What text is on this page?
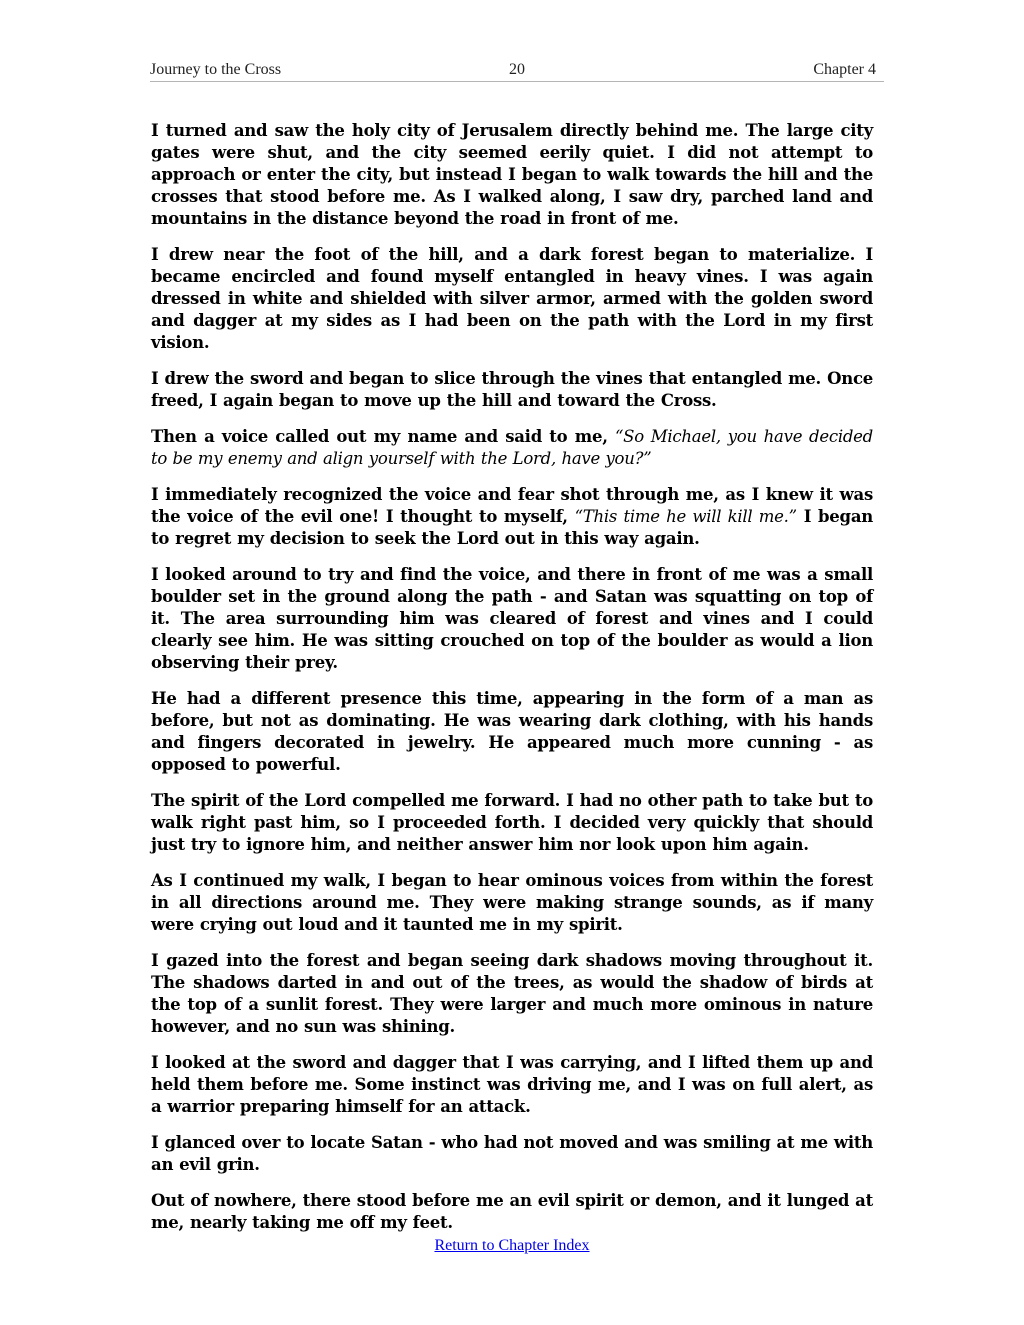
Journey to the Cross	20	Chapter 4

I turned and saw the holy city of Jerusalem directly behind me. The large city gates were shut, and the city seemed eerily quiet. I did not attempt to approach or enter the city, but instead I began to walk towards the hill and the crosses that stood before me. As I walked along, I saw dry, parched land and mountains in the distance beyond the road in front of me.

I drew near the foot of the hill, and a dark forest began to materialize. I became encircled and found myself entangled in heavy vines. I was again dressed in white and shielded with silver armor, armed with the golden sword and dagger at my sides as I had been on the path with the Lord in my first vision.

I drew the sword and began to slice through the vines that entangled me. Once freed, I again began to move up the hill and toward the Cross.

Then a voice called out my name and said to me, “So Michael, you have decided to be my enemy and align yourself with the Lord, have you?”

I immediately recognized the voice and fear shot through me, as I knew it was the voice of the evil one! I thought to myself, “This time he will kill me.” I began to regret my decision to seek the Lord out in this way again.

I looked around to try and find the voice, and there in front of me was a small boulder set in the ground along the path - and Satan was squatting on top of it. The area surrounding him was cleared of forest and vines and I could clearly see him. He was sitting crouched on top of the boulder as would a lion observing their prey.

He had a different presence this time, appearing in the form of a man as before, but not as dominating. He was wearing dark clothing, with his hands and fingers decorated in jewelry. He appeared much more cunning - as opposed to powerful.

The spirit of the Lord compelled me forward. I had no other path to take but to walk right past him, so I proceeded forth. I decided very quickly that should just try to ignore him, and neither answer him nor look upon him again.

As I continued my walk, I began to hear ominous voices from within the forest in all directions around me. They were making strange sounds, as if many were crying out loud and it taunted me in my spirit.

I gazed into the forest and began seeing dark shadows moving throughout it. The shadows darted in and out of the trees, as would the shadow of birds at the top of a sunlit forest. They were larger and much more ominous in nature however, and no sun was shining.

I looked at the sword and dagger that I was carrying, and I lifted them up and held them before me. Some instinct was driving me, and I was on full alert, as a warrior preparing himself for an attack.

I glanced over to locate Satan - who had not moved and was smiling at me with an evil grin.

Out of nowhere, there stood before me an evil spirit or demon, and it lunged at me, nearly taking me off my feet.

Return to Chapter Index
